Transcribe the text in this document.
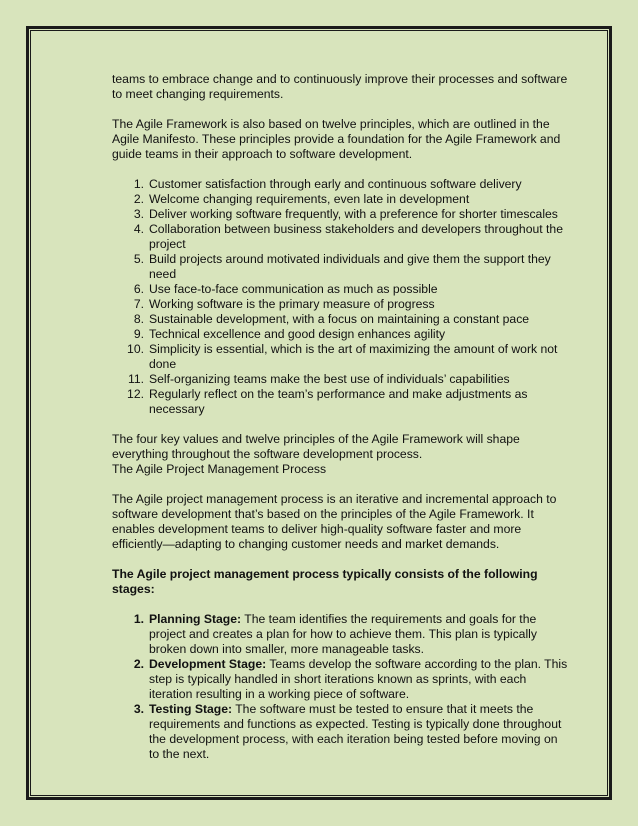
teams to embrace change and to continuously improve their processes and software to meet changing requirements.

The Agile Framework is also based on twelve principles, which are outlined in the Agile Manifesto. These principles provide a foundation for the Agile Framework and guide teams in their approach to software development.

1. Customer satisfaction through early and continuous software delivery
2. Welcome changing requirements, even late in development
3. Deliver working software frequently, with a preference for shorter timescales
4. Collaboration between business stakeholders and developers throughout the project
5. Build projects around motivated individuals and give them the support they need
6. Use face-to-face communication as much as possible
7. Working software is the primary measure of progress
8. Sustainable development, with a focus on maintaining a constant pace
9. Technical excellence and good design enhances agility
10. Simplicity is essential, which is the art of maximizing the amount of work not done
11. Self-organizing teams make the best use of individuals’ capabilities
12. Regularly reflect on the team’s performance and make adjustments as necessary

The four key values and twelve principles of the Agile Framework will shape everything throughout the software development process.

The Agile Project Management Process

The Agile project management process is an iterative and incremental approach to software development that’s based on the principles of the Agile Framework. It enables development teams to deliver high-quality software faster and more efficiently—adapting to changing customer needs and market demands.

The Agile project management process typically consists of the following stages:

1. Planning Stage: The team identifies the requirements and goals for the project and creates a plan for how to achieve them. This plan is typically broken down into smaller, more manageable tasks.
2. Development Stage: Teams develop the software according to the plan. This step is typically handled in short iterations known as sprints, with each iteration resulting in a working piece of software.
3. Testing Stage: The software must be tested to ensure that it meets the requirements and functions as expected. Testing is typically done throughout the development process, with each iteration being tested before moving on to the next.
